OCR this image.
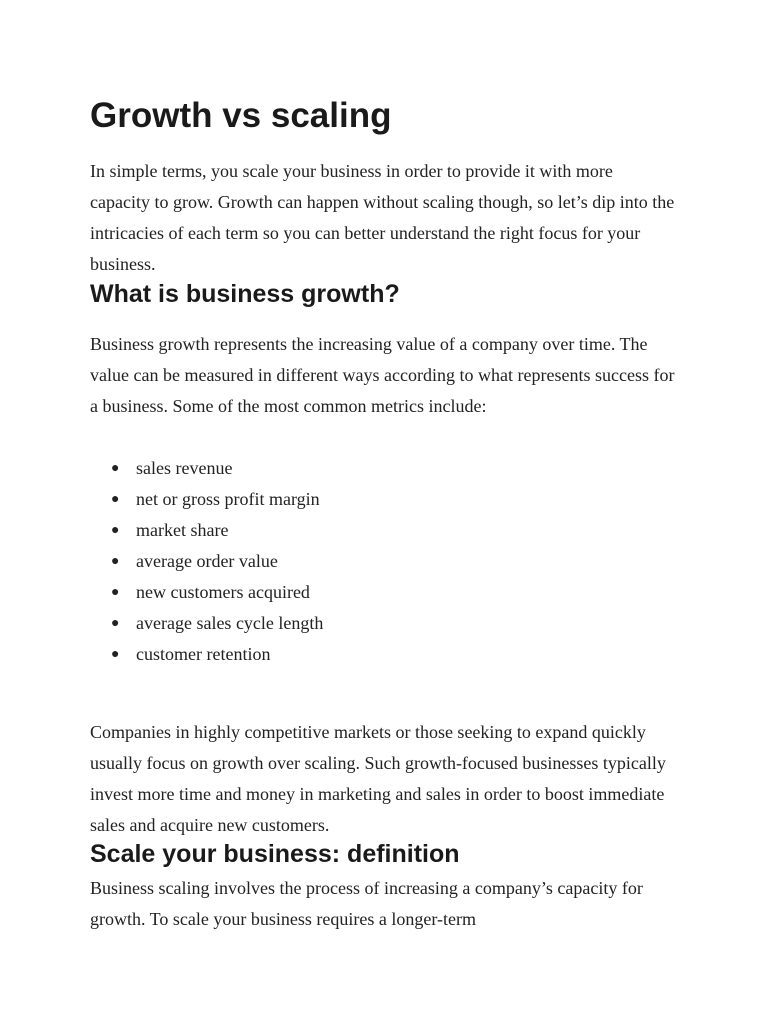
Growth vs scaling

In simple terms, you scale your business in order to provide it with more capacity to grow. Growth can happen without scaling though, so let’s dip into the intricacies of each term so you can better understand the right focus for your business.

What is business growth?

Business growth represents the increasing value of a company over time. The value can be measured in different ways according to what represents success for a business. Some of the most common metrics include:

● sales revenue
● net or gross profit margin
● market share
● average order value
● new customers acquired
● average sales cycle length
● customer retention

Companies in highly competitive markets or those seeking to expand quickly usually focus on growth over scaling. Such growth-focused businesses typically invest more time and money in marketing and sales in order to boost immediate sales and acquire new customers.

Scale your business: definition

Business scaling involves the process of increasing a company’s capacity for growth. To scale your business requires a longer-term
